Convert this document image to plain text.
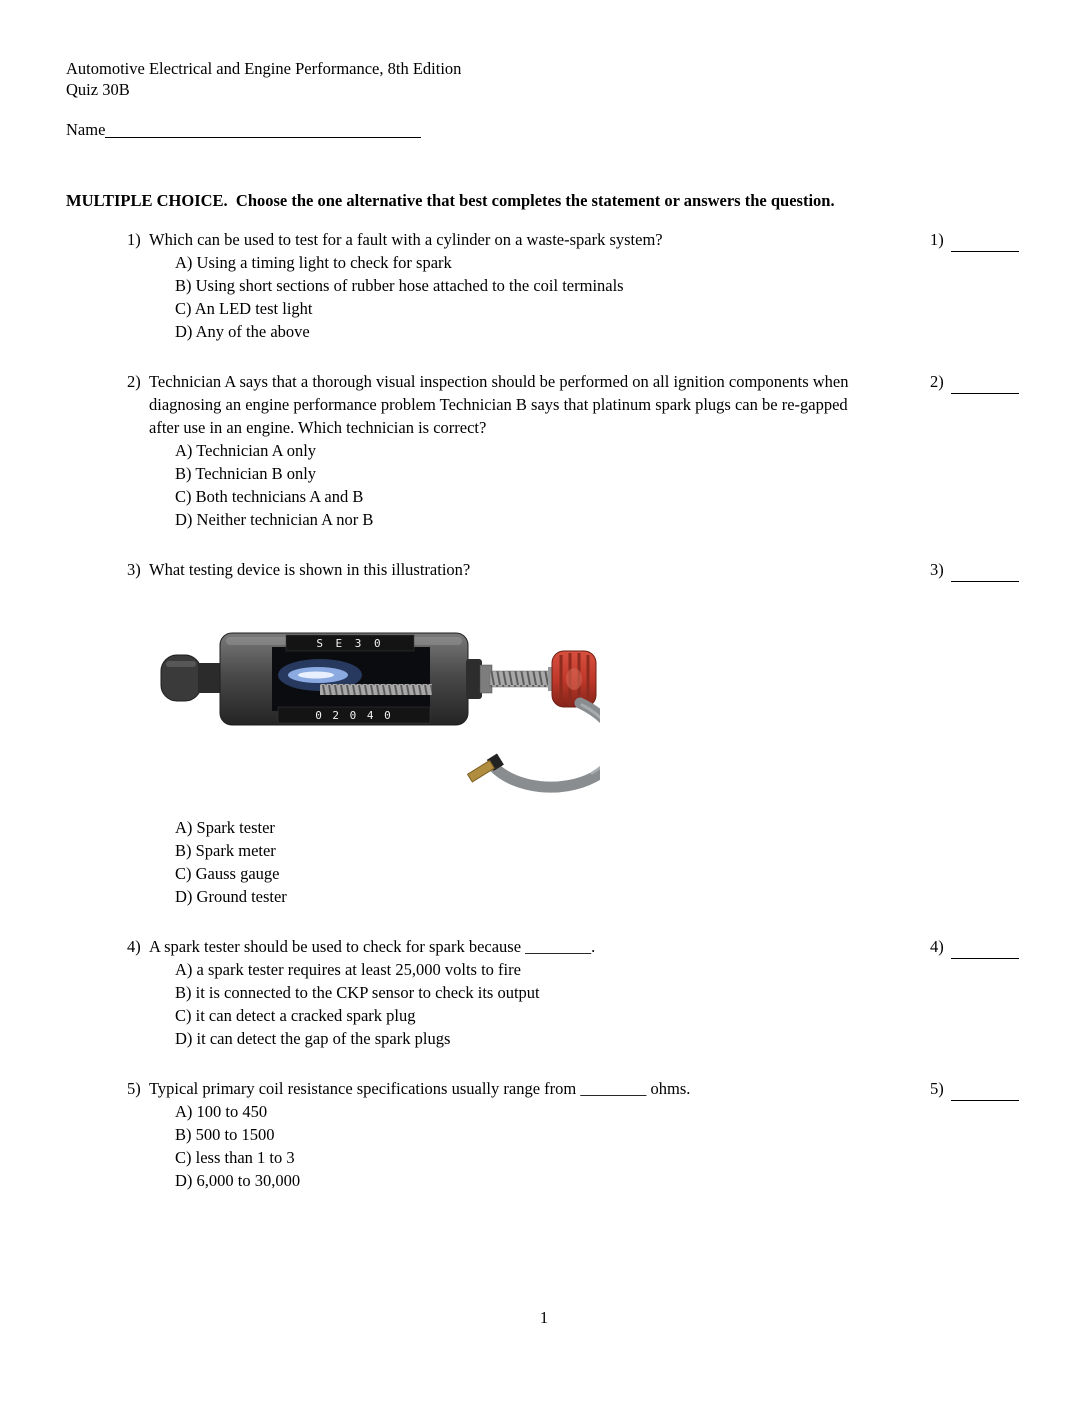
Automotive Electrical and Engine Performance, 8th Edition
Quiz 30B
Name
MULTIPLE CHOICE.  Choose the one alternative that best completes the statement or answers the question.
1) Which can be used to test for a fault with a cylinder on a waste-spark system?
A) Using a timing light to check for spark
B) Using short sections of rubber hose attached to the coil terminals
C) An LED test light
D) Any of the above
1)
2) Technician A says that a thorough visual inspection should be performed on all ignition components when diagnosing an engine performance problem Technician B says that platinum spark plugs can be re-gapped after use in an engine. Which technician is correct?
A) Technician A only
B) Technician B only
C) Both technicians A and B
D) Neither technician A nor B
2)
3) What testing device is shown in this illustration?
S E 3 0
0 2 0 4 0
A) Spark tester
B) Spark meter
C) Gauss gauge
D) Ground tester
3)
4) A spark tester should be used to check for spark because ________.
A) a spark tester requires at least 25,000 volts to fire
B) it is connected to the CKP sensor to check its output
C) it can detect a cracked spark plug
D) it can detect the gap of the spark plugs
4)
5) Typical primary coil resistance specifications usually range from ________ ohms.
A) 100 to 450
B) 500 to 1500
C) less than 1 to 3
D) 6,000 to 30,000
5)
1
